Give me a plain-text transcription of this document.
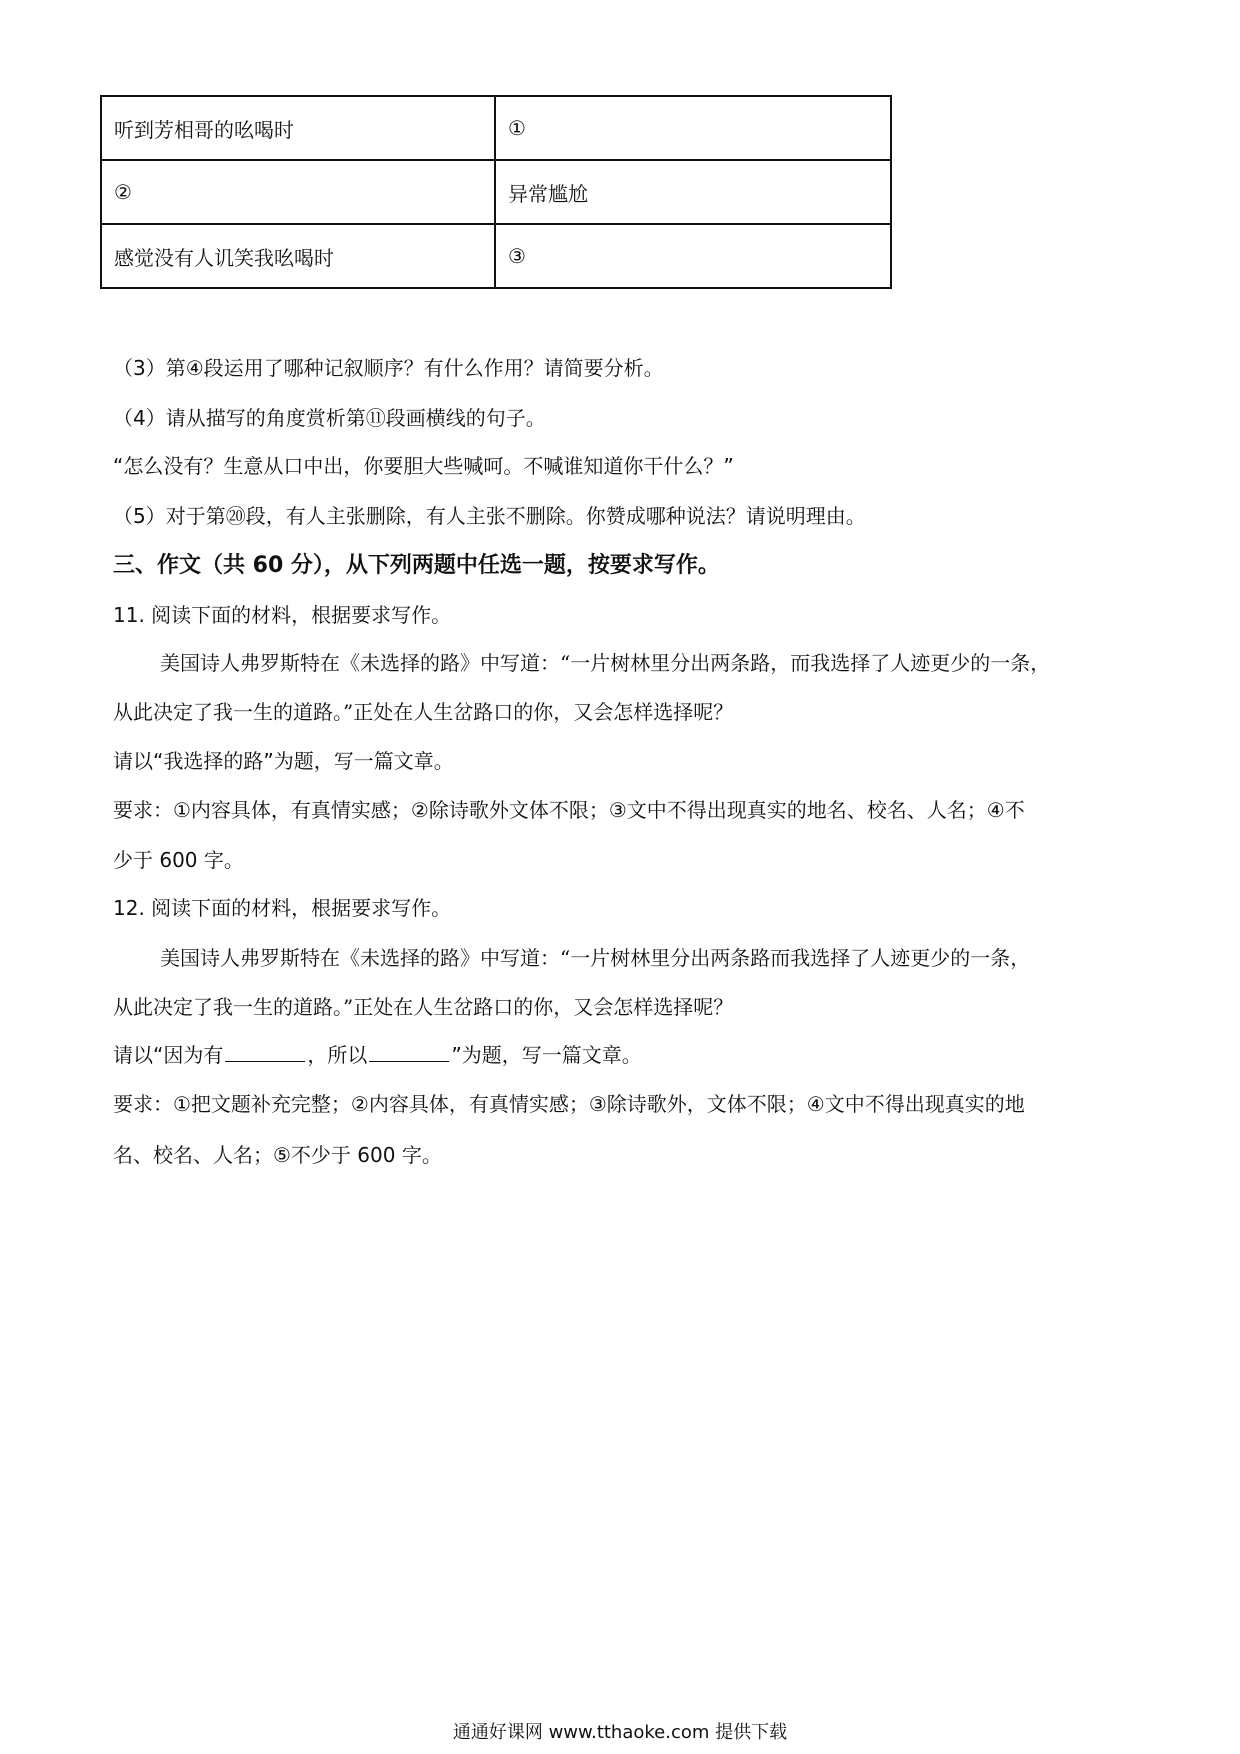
听到芳相哥的吆喝时	①
②	异常尴尬
感觉没有人讥笑我吆喝时	③
（3）第④段运用了哪种记叙顺序？有什么作用？请简要分析。
（4）请从描写的角度赏析第⑪段画横线的句子。
“怎么没有？生意从口中出，你要胆大些喊呵。不喊谁知道你干什么？”
（5）对于第⑳段，有人主张删除，有人主张不删除。你赞成哪种说法？请说明理由。
三、作文（共 60 分），从下列两题中任选一题，按要求写作。
11. 阅读下面的材料，根据要求写作。
美国诗人弗罗斯特在《未选择的路》中写道：“一片树林里分出两条路，而我选择了人迹更少的一条，
从此决定了我一生的道路。”正处在人生岔路口的你，又会怎样选择呢？
请以“我选择的路”为题，写一篇文章。
要求：①内容具体，有真情实感；②除诗歌外文体不限；③文中不得出现真实的地名、校名、人名；④不
少于 600 字。
12. 阅读下面的材料，根据要求写作。
美国诗人弗罗斯特在《未选择的路》中写道：“一片树林里分出两条路而我选择了人迹更少的一条，
从此决定了我一生的道路。”正处在人生岔路口的你，又会怎样选择呢？
请以“因为有	，所以	”为题，写一篇文章。
要求：①把文题补充完整；②内容具体，有真情实感；③除诗歌外，文体不限；④文中不得出现真实的地
名、校名、人名；⑤不少于 600 字。
通通好课网 www.tthaoke.com 提供下载
